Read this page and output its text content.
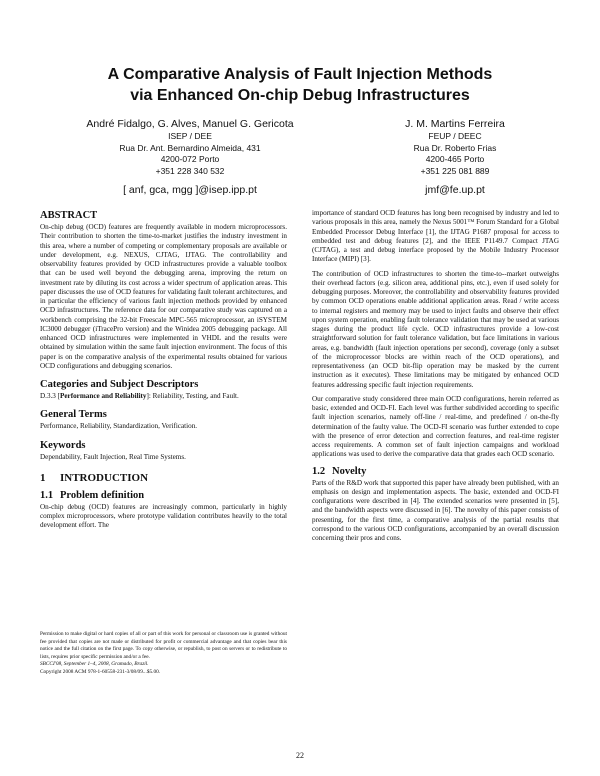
A Comparative Analysis of Fault Injection Methods
via Enhanced On-chip Debug Infrastructures
André Fidalgo, G. Alves, Manuel G. Gericota
ISEP / DEE
Rua Dr. Ant. Bernardino Almeida, 431
4200-072 Porto
+351 228 340 532
[ anf, gca, mgg ]@isep.ipp.pt
J. M. Martins Ferreira
FEUP / DEEC
Rua Dr. Roberto Frias
4200-465 Porto
+351 225 081 889
jmf@fe.up.pt
ABSTRACT

On-chip debug (OCD) features are frequently available in modern microprocessors. Their contribution to shorten the time-to-market justifies the industry investment in this area, where a number of competing or complementary proposals are available or under development, e.g. NEXUS, CJTAG, IJTAG. The controllability and observability features provided by OCD infrastructures provide a valuable toolbox that can be used well beyond the debugging arena, improving the return on investment rate by diluting its cost across a wider spectrum of application areas. This paper discusses the use of OCD features for validating fault tolerant architectures, and in particular the efficiency of various fault injection methods provided by enhanced OCD infrastructures. The reference data for our comparative study was captured on a workbench comprising the 32-bit Freescale MPC-565 microprocessor, an iSYSTEM IC3000 debugger (iTracePro version) and the Winidea 2005 debugging package. All enhanced OCD infrastructures were implemented in VHDL and the results were obtained by simulation within the same fault injection environment. The focus of this paper is on the comparative analysis of the experimental results obtained for various OCD configurations and debugging scenarios.

Categories and Subject Descriptors

D.3.3 [Performance and Reliability]: Reliability, Testing, and Fault.

General Terms

Performance, Reliability, Standardization, Verification.

Keywords

Dependability, Fault Injection, Real Time Systems.

1 INTRODUCTION
1.1 Problem definition

On-chip debug (OCD) features are increasingly common, particularly in highly complex microprocessors, where prototype validation contributes heavily to the total development effort. The

Permission to make digital or hard copies of all or part of this work for personal or classroom use is granted without fee provided that copies are not made or distributed for profit or commercial advantage and that copies bear this notice and the full citation on the first page. To copy otherwise, or republish, to post on servers or to redistribute to lists, requires prior specific permission and/or a fee.

SBCCI'08, September 1–4, 2008, Gramado, Brazil.

Copyright 2008 ACM 978-1-60558-231-3/08/09...$5.00.

importance of standard OCD features has long been recognised by industry and led to various proposals in this area, namely the Nexus 5001™ Forum Standard for a Global Embedded Processor Debug Interface [1], the IJTAG P1687 proposal for access to embedded test and debug features [2], and the IEEE P1149.7 Compact JTAG (CJTAG), a test and debug interface proposed by the Mobile Industry Processor Interface (MIPI) [3].

The contribution of OCD infrastructures to shorten the time-to--market outweighs their overhead factors (e.g. silicon area, additional pins, etc.), even if used solely for debugging purposes. Moreover, the controllability and observability features provided by common OCD operations enable additional application areas. Read / write access to internal registers and memory may be used to inject faults and observe their effect upon system operation, enabling fault tolerance validation that may be used at various stages during the product life cycle. OCD infrastructures provide a low-cost straightforward solution for fault tolerance validation, but face limitations in various areas, e.g. bandwidth (fault injection operations per second), coverage (only a subset of the microprocessor blocks are within reach of the OCD operations), and representativeness (an OCD bit-flip operation may be masked by the current instruction as it executes). These limitations may be mitigated by enhanced OCD features addressing specific fault injection requirements.

Our comparative study considered three main OCD configurations, herein referred as basic, extended and OCD-FI. Each level was further subdivided according to specific fault injection scenarios, namely off-line / real-time, and predefined / on-the-fly determination of the faulty value. The OCD-FI scenario was further extended to cope with the presence of error detection and correction features, and real-time register access requirements. A common set of fault injection campaigns and workload applications was used to derive the comparative data that grades each OCD scenario.

1.2 Novelty

Parts of the R&D work that supported this paper have already been published, with an emphasis on design and implementation aspects. The basic, extended and OCD-FI configurations were described in [4]. The extended scenarios were presented in [5], and the bandwidth aspects were discussed in [6]. The novelty of this paper consists of presenting, for the first time, a comparative analysis of the partial results that correspond to the various OCD configurations, accompanied by an overall discussion concerning their pros and cons.

22
